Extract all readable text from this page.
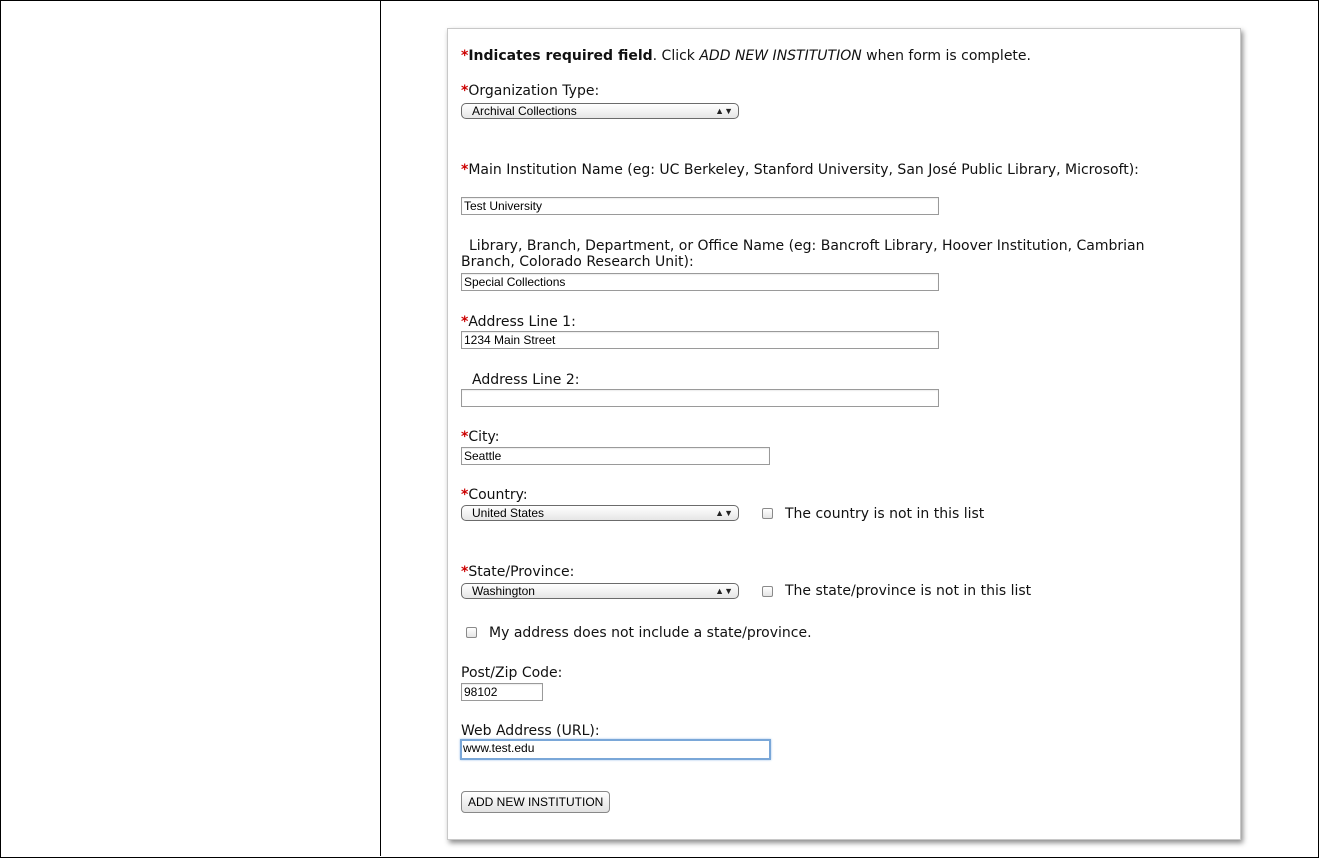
*Indicates required field. Click ADD NEW INSTITUTION when form is complete.
*Organization Type:
Archival Collections	▲▼
*Main Institution Name (eg: UC Berkeley, Stanford University, San José Public Library, Microsoft):
Test University
Library, Branch, Department, or Office Name (eg: Bancroft Library, Hoover Institution, Cambrian Branch, Colorado Research Unit):
Special Collections
*Address Line 1:
1234 Main Street
Address Line 2:
*City:
Seattle
*Country:
United States	▲▼	The country is not in this list
*State/Province:
Washington	▲▼	The state/province is not in this list
My address does not include a state/province.
Post/Zip Code:
98102
Web Address (URL):
www.test.edu
ADD NEW INSTITUTION
